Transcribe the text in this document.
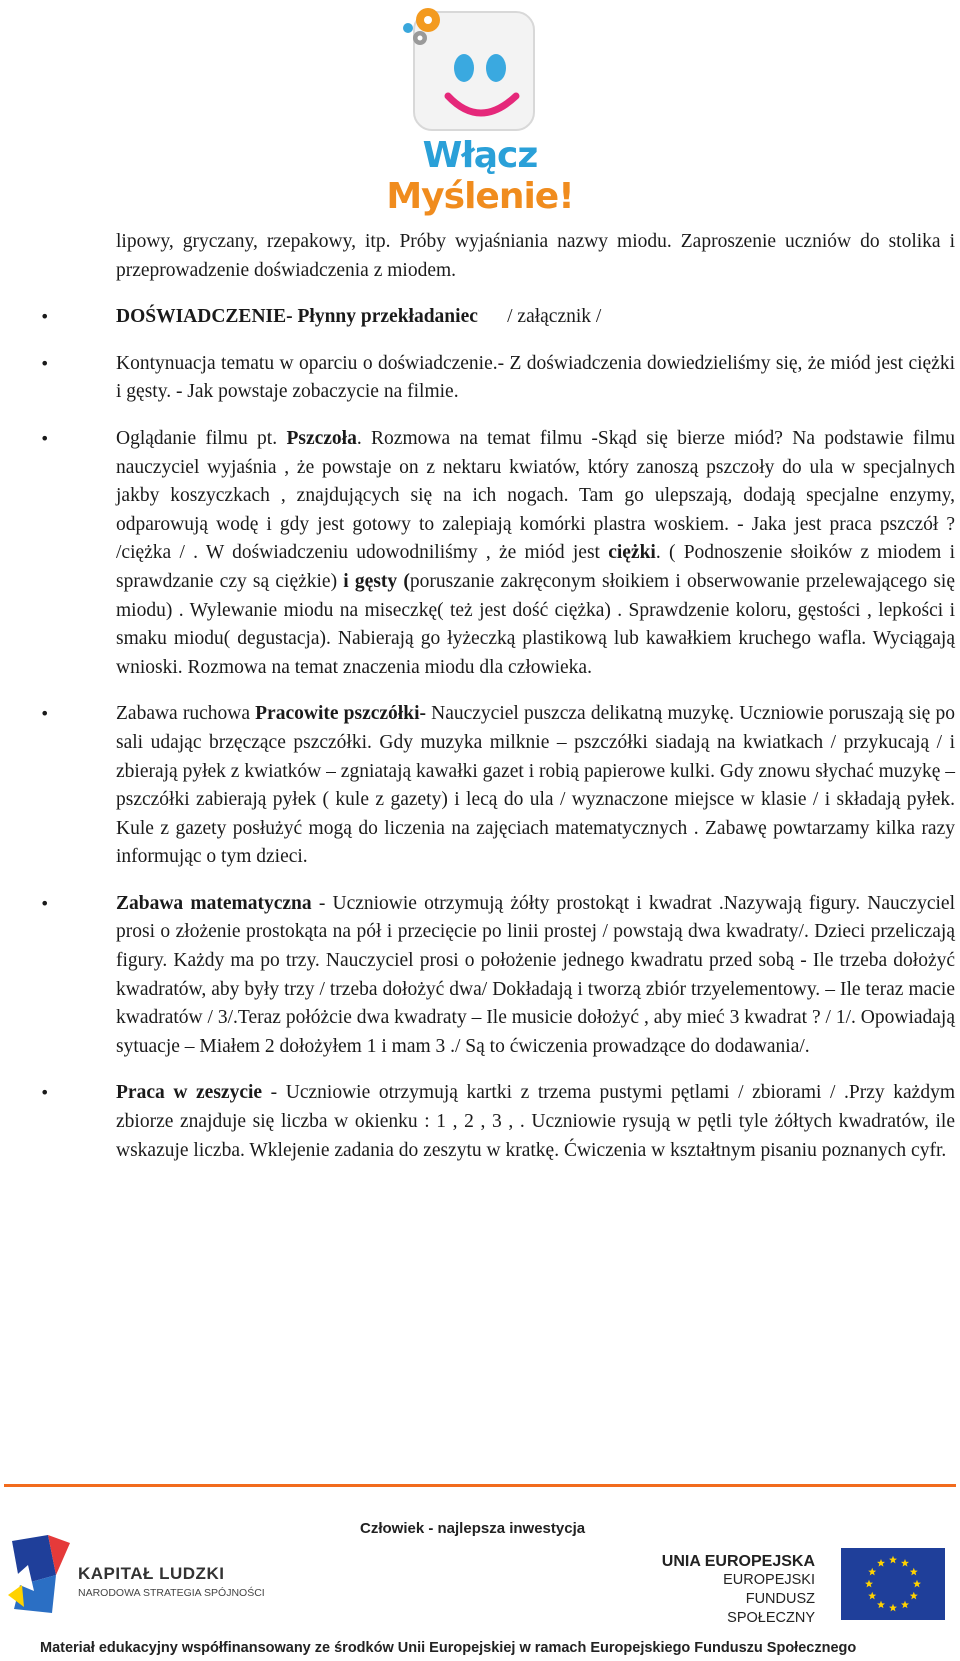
Włącz Myślenie!

lipowy, gryczany, rzepakowy, itp. Próby wyjaśniania nazwy miodu. Zaproszenie uczniów do stolika i przeprowadzenie doświadczenia z miodem.

•
DOŚWIADCZENIE- Płynny przekładaniec      / załącznik /
•
Kontynuacja tematu w oparciu o doświadczenie.- Z doświadczenia dowiedzieliśmy się, że miód jest ciężki i gęsty. - Jak powstaje zobaczycie na filmie.
•
Oglądanie filmu pt. Pszczoła. Rozmowa na temat filmu -Skąd się bierze miód? Na podstawie filmu nauczyciel wyjaśnia , że powstaje on z nektaru kwiatów, który zanoszą pszczoły do ula w specjalnych jakby koszyczkach , znajdujących się na ich nogach. Tam go ulepszają, dodają specjalne enzymy, odparowują wodę i gdy jest gotowy to zalepiają komórki plastra woskiem. - Jaka jest praca pszczół ? /ciężka / . W doświadczeniu udowodniliśmy , że miód jest ciężki. ( Podnoszenie słoików z miodem i sprawdzanie czy są ciężkie) i gęsty (poruszanie zakręconym słoikiem i obserwowanie przelewającego się miodu) . Wylewanie miodu na miseczkę( też jest dość ciężka) . Sprawdzenie koloru, gęstości , lepkości i smaku miodu( degustacja). Nabierają go łyżeczką plastikową lub kawałkiem kruchego wafla. Wyciągają wnioski. Rozmowa na temat znaczenia miodu dla człowieka.
•
Zabawa ruchowa Pracowite pszczółki- Nauczyciel puszcza delikatną muzykę. Uczniowie poruszają się po sali udając brzęczące pszczółki. Gdy muzyka milknie – pszczółki siadają na kwiatkach / przykucają / i zbierają pyłek z kwiatków – zgniatają kawałki gazet i robią papierowe kulki. Gdy znowu słychać muzykę – pszczółki zabierają pyłek ( kule z gazety) i lecą do ula / wyznaczone miejsce w klasie / i składają pyłek. Kule z gazety posłużyć mogą do liczenia na zajęciach matematycznych . Zabawę powtarzamy kilka razy informując o tym dzieci.
•
Zabawa matematyczna - Uczniowie otrzymują żółty prostokąt i kwadrat .Nazywają figury. Nauczyciel prosi o złożenie prostokąta na pół i przecięcie po linii prostej / powstają dwa kwadraty/. Dzieci przeliczają figury. Każdy ma po trzy. Nauczyciel prosi o położenie jednego kwadratu przed sobą - Ile trzeba dołożyć kwadratów, aby były trzy / trzeba dołożyć dwa/ Dokładają i tworzą zbiór trzyelementowy. – Ile teraz macie kwadratów / 3/.Teraz połóżcie dwa kwadraty – Ile musicie dołożyć , aby mieć 3 kwadrat ? / 1/. Opowiadają sytuacje – Miałem 2 dołożyłem 1 i mam 3 ./ Są to ćwiczenia prowadzące do dodawania/.
•
Praca w zeszycie - Uczniowie otrzymują kartki z trzema pustymi pętlami / zbiorami / .Przy każdym zbiorze znajduje się liczba w okienku : 1 , 2 , 3 , . Uczniowie rysują w pętli tyle żółtych kwadratów, ile wskazuje liczba. Wklejenie zadania do zeszytu w kratkę. Ćwiczenia w kształtnym pisaniu poznanych cyfr.
Człowiek - najlepsza inwestycja
KAPITAŁ LUDZKI
NARODOWA STRATEGIA SPÓJNOŚCI
UNIA EUROPEJSKA
EUROPEJSKI
FUNDUSZ SPOŁECZNY
Materiał edukacyjny współfinansowany ze środków Unii Europejskiej w ramach Europejskiego Funduszu Społecznego
